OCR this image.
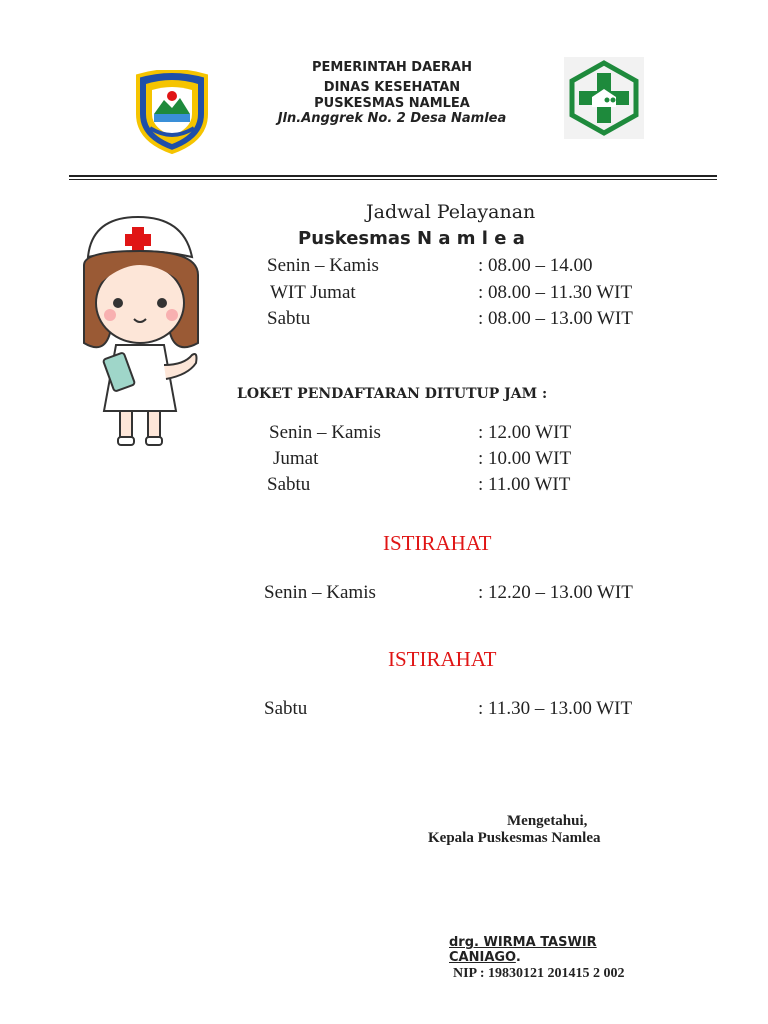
PEMERINTAH DAERAH
DINAS KESEHATAN
PUSKESMAS NAMLEA
Jln.Anggrek No. 2 Desa Namlea
Jadwal Pelayanan
Puskesmas N a m l e a
Senin – Kamis	: 08.00 – 14.00
WIT Jumat	: 08.00 – 11.30 WIT
Sabtu	: 08.00 – 13.00 WIT
LOKET PENDAFTARAN DITUTUP JAM :
Senin – Kamis	: 12.00 WIT
Jumat	: 10.00 WIT
Sabtu	: 11.00 WIT
ISTIRAHAT
Senin – Kamis	: 12.20 – 13.00 WIT
ISTIRAHAT
Sabtu	: 11.30 – 13.00 WIT
Mengetahui,
Kepala Puskesmas Namlea
drg. WIRMA TASWIR
CANIAGO.
NIP : 19830121 201415 2 002
